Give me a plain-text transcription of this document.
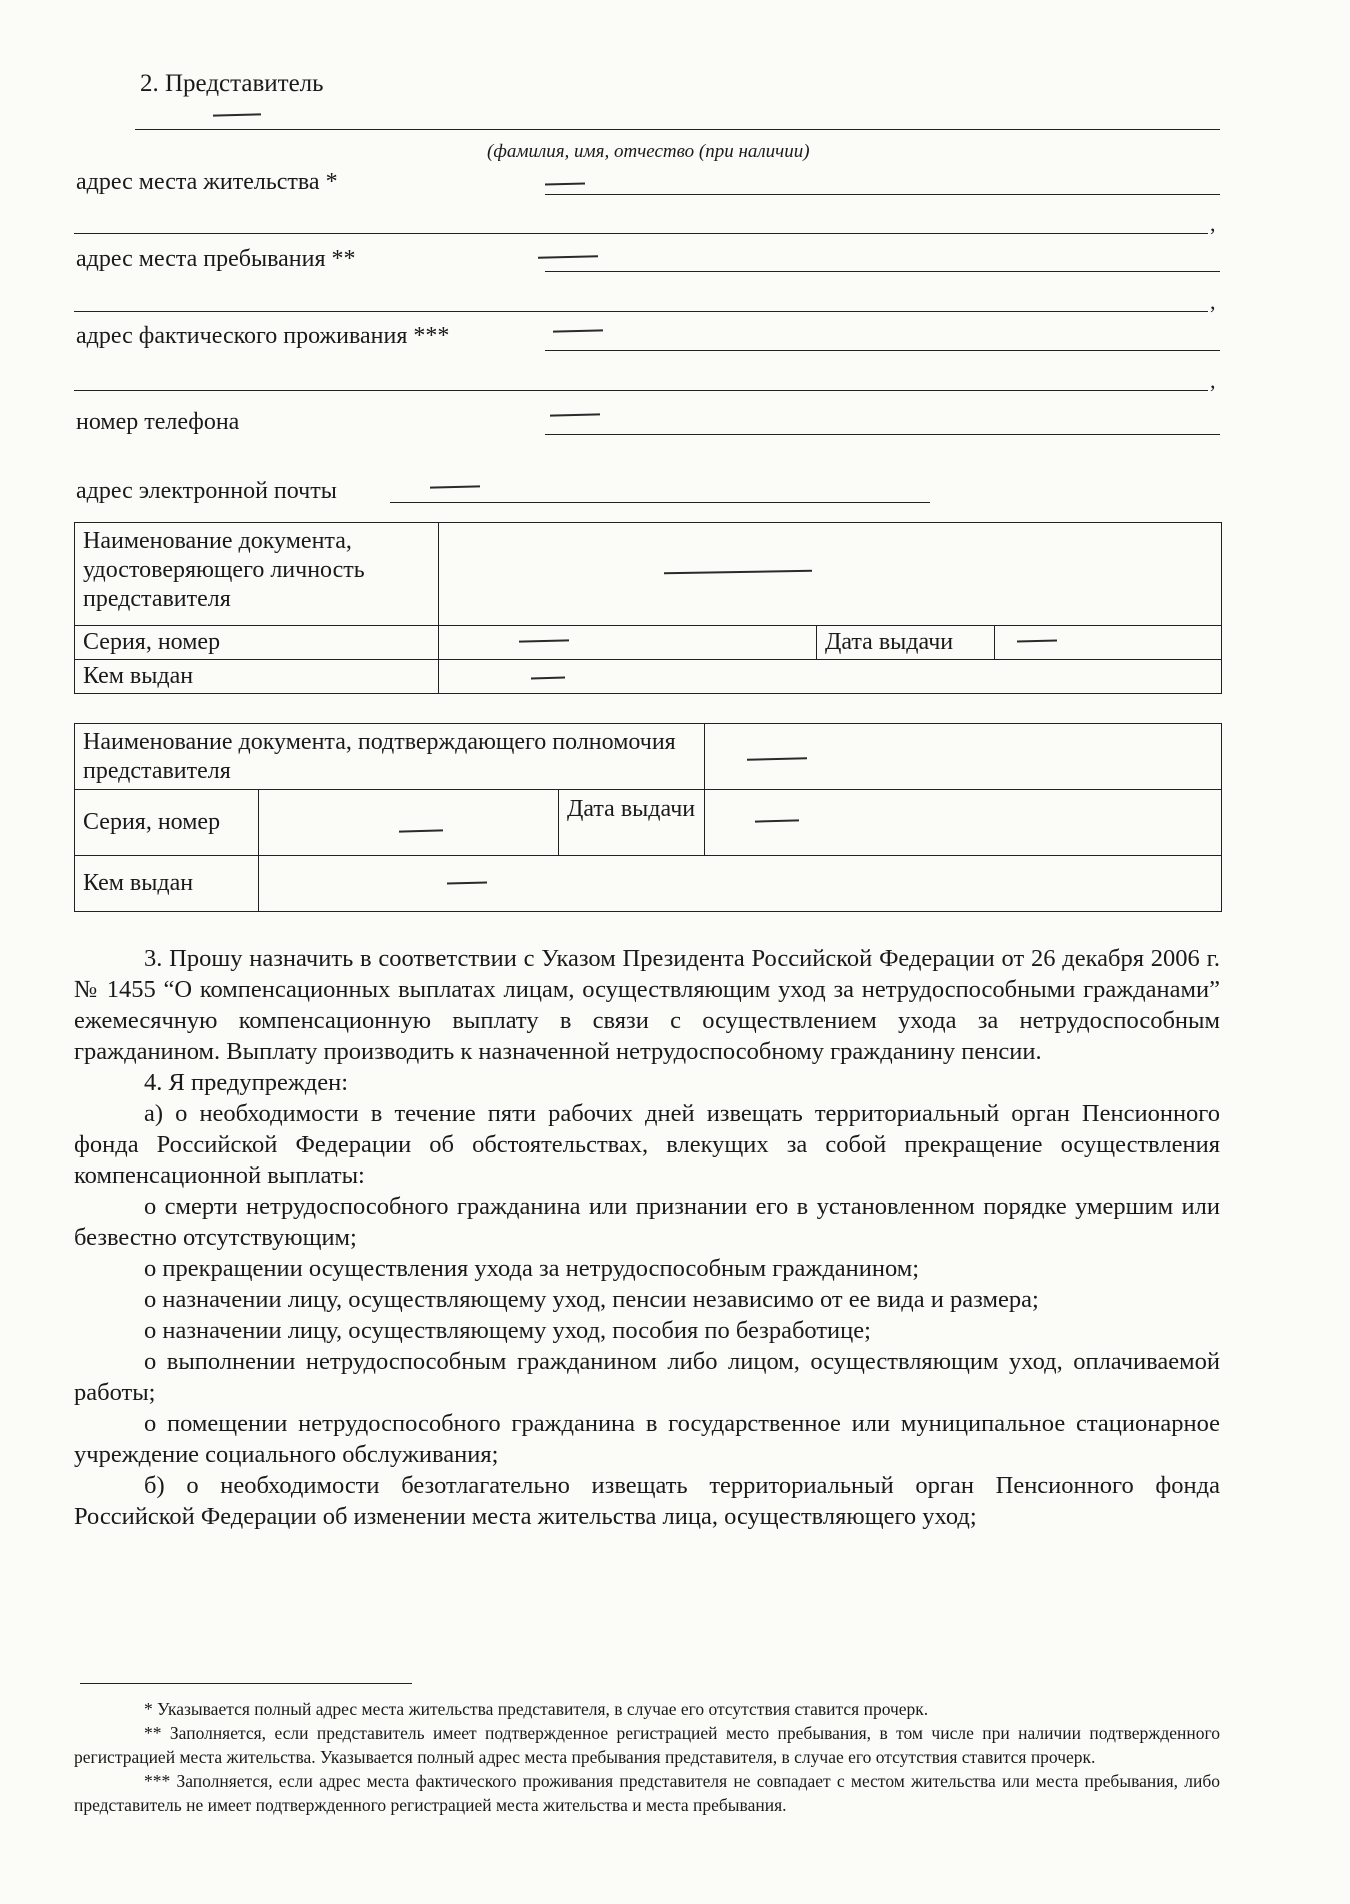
2. Представитель
(фамилия, имя, отчество (при наличии)
адрес места жительства *
,
адрес места пребывания **
,
адрес фактического проживания ***
,
номер телефона
адрес электронной почты
Наименование документа, удостоверяющего личность представителя			

Серия, номер		Дата выдачи	

Кем выдан			
Наименование документа, подтверждающего полномочия представителя			

Серия, номер		Дата выдачи	

Кем выдан			

3. Прошу назначить в соответствии с Указом Президента Российской Федерации от 26 декабря 2006 г. № 1455 “О компенсационных выплатах лицам, осуществляющим уход за нетрудоспособными гражданами” ежемесячную компенсационную выплату в связи с осуществлением ухода за нетрудоспособным гражданином. Выплату производить к назначенной нетрудоспособному гражданину пенсии.

4. Я предупрежден:

а) о необходимости в течение пяти рабочих дней извещать территориальный орган Пенсионного фонда Российской Федерации об обстоятельствах, влекущих за собой прекращение осуществления компенсационной выплаты:

о смерти нетрудоспособного гражданина или признании его в установленном порядке умершим или безвестно отсутствующим;

о прекращении осуществления ухода за нетрудоспособным гражданином;

о назначении лицу, осуществляющему уход, пенсии независимо от ее вида и размера;

о назначении лицу, осуществляющему уход, пособия по безработице;

о выполнении нетрудоспособным гражданином либо лицом, осуществляющим уход, оплачиваемой работы;

о помещении нетрудоспособного гражданина в государственное или муниципальное стационарное учреждение социального обслуживания;

б) о необходимости безотлагательно извещать территориальный орган Пенсионного фонда Российской Федерации об изменении места жительства лица, осуществляющего уход;

* Указывается полный адрес места жительства представителя, в случае его отсутствия ставится прочерк.

** Заполняется, если представитель имеет подтвержденное регистрацией место пребывания, в том числе при наличии подтвержденного регистрацией места жительства. Указывается полный адрес места пребывания представителя, в случае его отсутствия ставится прочерк.

*** Заполняется, если адрес места фактического проживания представителя не совпадает с местом жительства или места пребывания, либо представитель не имеет подтвержденного регистрацией места жительства и места пребывания.
